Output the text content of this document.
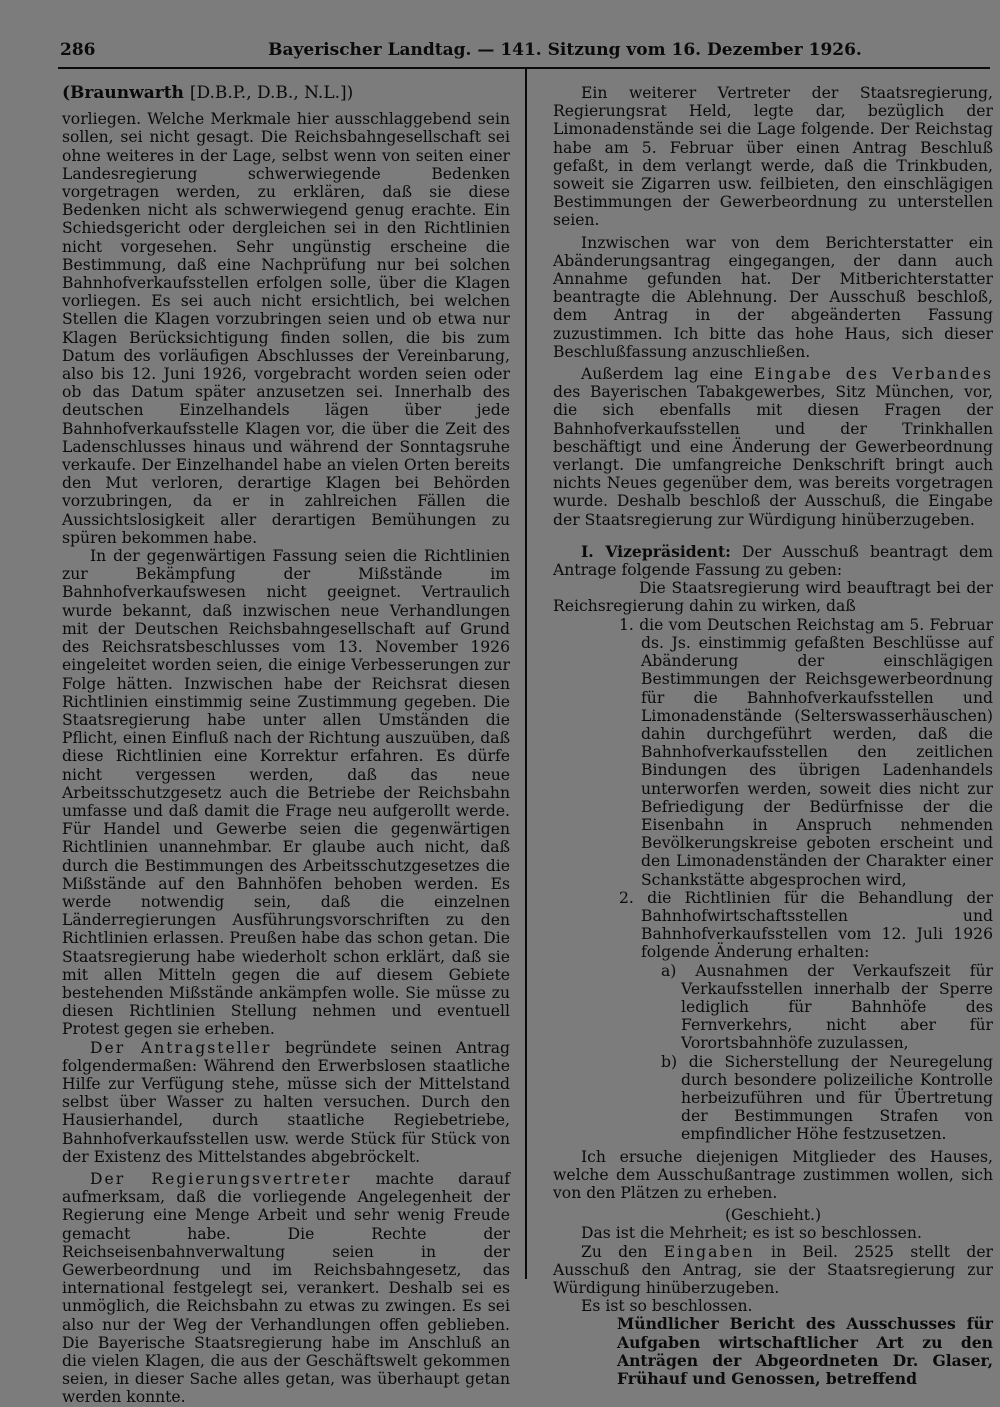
286	Bayerischer Landtag. — 141. Sitzung vom 16. Dezember 1926.
(Braunwarth [D.B.P., D.B., N.L.])

vorliegen. Welche Merkmale hier ausschlaggebend sein sollen, sei nicht gesagt. Die Reichsbahngesellschaft sei ohne weiteres in der Lage, selbst wenn von seiten einer Landesregierung schwerwiegende Bedenken vorgetragen werden, zu erklären, daß sie diese Bedenken nicht als schwerwiegend genug erachte. Ein Schiedsgericht oder dergleichen sei in den Richtlinien nicht vorgesehen. Sehr ungünstig erscheine die Bestimmung, daß eine Nachprüfung nur bei solchen Bahnhofverkaufsstellen erfolgen solle, über die Klagen vorliegen. Es sei auch nicht ersichtlich, bei welchen Stellen die Klagen vorzubringen seien und ob etwa nur Klagen Berücksichtigung finden sollen, die bis zum Datum des vorläufigen Abschlusses der Vereinbarung, also bis 12. Juni 1926, vorgebracht worden seien oder ob das Datum später anzusetzen sei. Innerhalb des deutschen Einzelhandels lägen über jede Bahnhofverkaufsstelle Klagen vor, die über die Zeit des Ladenschlusses hinaus und während der Sonntagsruhe verkaufe. Der Einzelhandel habe an vielen Orten bereits den Mut verloren, derartige Klagen bei Behörden vorzubringen, da er in zahlreichen Fällen die Aussichtslosigkeit aller derartigen Bemühungen zu spüren bekommen habe.

In der gegenwärtigen Fassung seien die Richtlinien zur Bekämpfung der Mißstände im Bahnhofverkaufswesen nicht geeignet. Vertraulich wurde bekannt, daß inzwischen neue Verhandlungen mit der Deutschen Reichsbahngesellschaft auf Grund des Reichsratsbeschlusses vom 13. November 1926 eingeleitet worden seien, die einige Verbesserungen zur Folge hätten. Inzwischen habe der Reichsrat diesen Richtlinien einstimmig seine Zustimmung gegeben. Die Staatsregierung habe unter allen Umständen die Pflicht, einen Einfluß nach der Richtung auszuüben, daß diese Richtlinien eine Korrektur erfahren. Es dürfe nicht vergessen werden, daß das neue Arbeitsschutzgesetz auch die Betriebe der Reichsbahn umfasse und daß damit die Frage neu aufgerollt werde. Für Handel und Gewerbe seien die gegenwärtigen Richtlinien unannehmbar. Er glaube auch nicht, daß durch die Bestimmungen des Arbeitsschutzgesetzes die Mißstände auf den Bahnhöfen behoben werden. Es werde notwendig sein, daß die einzelnen Länderregierungen Ausführungsvorschriften zu den Richtlinien erlassen. Preußen habe das schon getan. Die Staatsregierung habe wiederholt schon erklärt, daß sie mit allen Mitteln gegen die auf diesem Gebiete bestehenden Mißstände ankämpfen wolle. Sie müsse zu diesen Richtlinien Stellung nehmen und eventuell Protest gegen sie erheben.

Der Antragsteller begründete seinen Antrag folgendermaßen: Während den Erwerbslosen staatliche Hilfe zur Verfügung stehe, müsse sich der Mittelstand selbst über Wasser zu halten versuchen. Durch den Hausierhandel, durch staatliche Regiebetriebe, Bahnhofverkaufsstellen usw. werde Stück für Stück von der Existenz des Mittelstandes abgebröckelt.

Der Regierungsvertreter machte darauf aufmerksam, daß die vorliegende Angelegenheit der Regierung eine Menge Arbeit und sehr wenig Freude gemacht habe. Die Rechte der Reichseisenbahnverwaltung seien in der Gewerbeordnung und im Reichsbahngesetz, das international festgelegt sei, verankert. Deshalb sei es unmöglich, die Reichsbahn zu etwas zu zwingen. Es sei also nur der Weg der Verhandlungen offen geblieben. Die Bayerische Staatsregierung habe im Anschluß an die vielen Klagen, die aus der Geschäftswelt gekommen seien, in dieser Sache alles getan, was überhaupt getan werden konnte.

Ein weiterer Vertreter der Staatsregierung, Regierungsrat Held, legte dar, bezüglich der Limonadenstände sei die Lage folgende. Der Reichstag habe am 5. Februar über einen Antrag Beschluß gefaßt, in dem verlangt werde, daß die Trinkbuden, soweit sie Zigarren usw. feilbieten, den einschlägigen Bestimmungen der Gewerbeordnung zu unterstellen seien.

Inzwischen war von dem Berichterstatter ein Abänderungsantrag eingegangen, der dann auch Annahme gefunden hat. Der Mitberichterstatter beantragte die Ablehnung. Der Ausschuß beschloß, dem Antrag in der abgeänderten Fassung zuzustimmen. Ich bitte das hohe Haus, sich dieser Beschlußfassung anzuschließen.

Außerdem lag eine Eingabe des Verbandes des Bayerischen Tabakgewerbes, Sitz München, vor, die sich ebenfalls mit diesen Fragen der Bahnhofverkaufsstellen und der Trinkhallen beschäftigt und eine Änderung der Gewerbeordnung verlangt. Die umfangreiche Denkschrift bringt auch nichts Neues gegenüber dem, was bereits vorgetragen wurde. Deshalb beschloß der Ausschuß, die Eingabe der Staatsregierung zur Würdigung hinüberzugeben.

I. Vizepräsident: Der Ausschuß beantragt dem Antrage folgende Fassung zu geben:

Die Staatsregierung wird beauftragt bei der Reichsregierung dahin zu wirken, daß

1. die vom Deutschen Reichstag am 5. Februar ds. Js. einstimmig gefaßten Beschlüsse auf Abänderung der einschlägigen Bestimmungen der Reichsgewerbeordnung für die Bahnhofverkaufsstellen und Limonadenstände (Selterswasserhäuschen) dahin durchgeführt werden, daß die Bahnhofverkaufsstellen den zeitlichen Bindungen des übrigen Ladenhandels unterworfen werden, soweit dies nicht zur Befriedigung der Bedürfnisse der die Eisenbahn in Anspruch nehmenden Bevölkerungskreise geboten erscheint und den Limonadenständen der Charakter einer Schankstätte abgesprochen wird,

2. die Richtlinien für die Behandlung der Bahnhofwirtschaftsstellen und Bahnhofverkaufsstellen vom 12. Juli 1926 folgende Änderung erhalten:

a) Ausnahmen der Verkaufszeit für Verkaufsstellen innerhalb der Sperre lediglich für Bahnhöfe des Fernverkehrs, nicht aber für Vorortsbahnhöfe zuzulassen,

b) die Sicherstellung der Neuregelung durch besondere polizeiliche Kontrolle herbeizuführen und für Übertretung der Bestimmungen Strafen von empfindlicher Höhe festzusetzen.

Ich ersuche diejenigen Mitglieder des Hauses, welche dem Ausschußantrage zustimmen wollen, sich von den Plätzen zu erheben.

(Geschieht.)

Das ist die Mehrheit; es ist so beschlossen.

Zu den Eingaben in Beil. 2525 stellt der Ausschuß den Antrag, sie der Staatsregierung zur Würdigung hinüberzugeben.

Es ist so beschlossen.

Mündlicher Bericht des Ausschusses für Aufgaben wirtschaftlicher Art zu den Anträgen der Abgeordneten Dr. Glaser, Frühauf und Genossen, betreffend
